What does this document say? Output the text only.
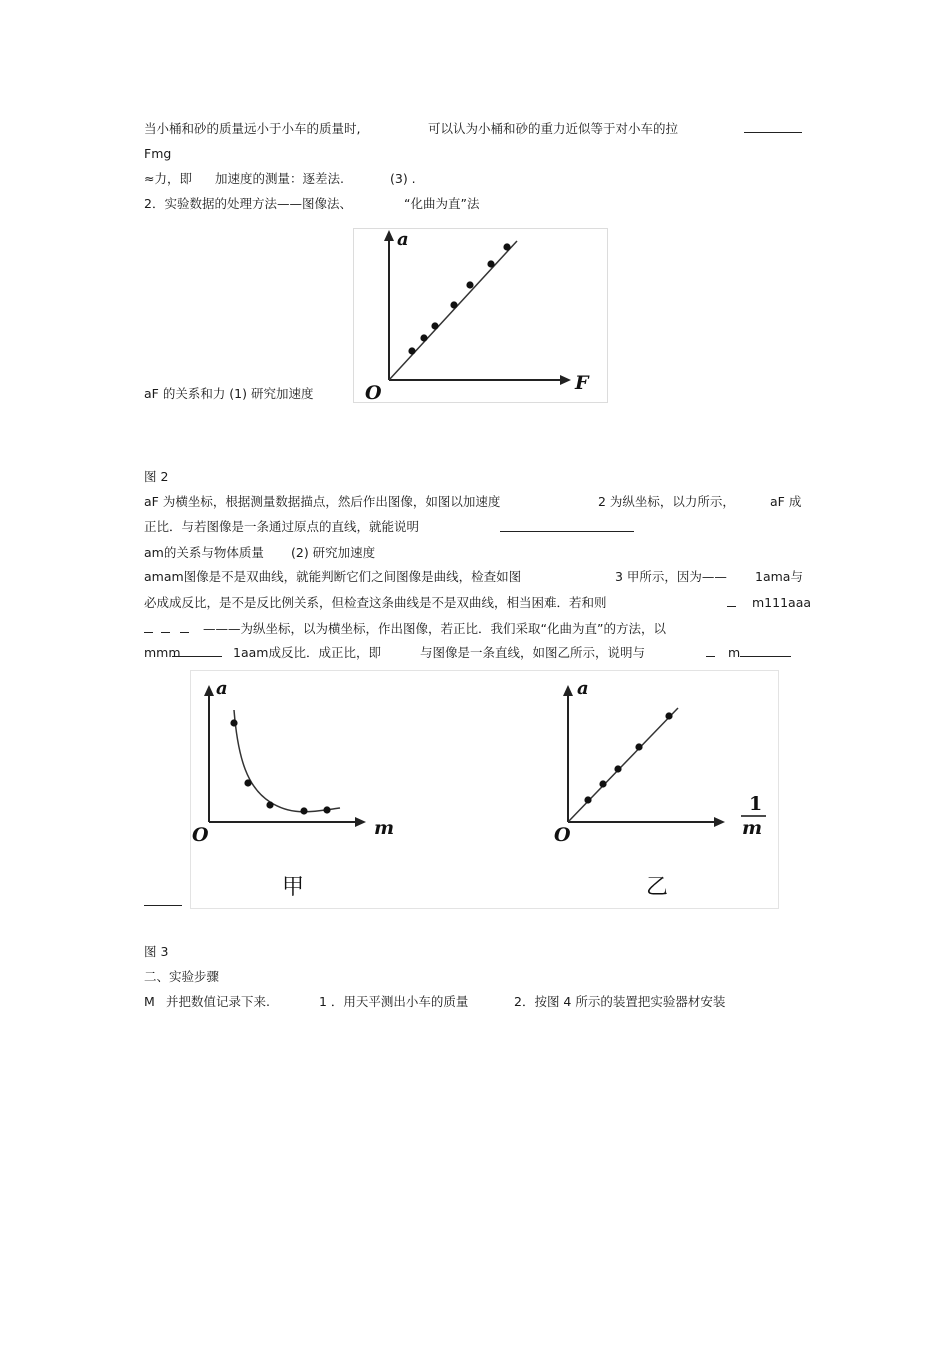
当小桶和砂的质量远小于小车的质量时,	可以认为小桶和砂的重力近似等于对小车的拉
Fmg
≈力，即 加速度的测量：逐差法.	(3) .
2．实验数据的处理方法——图像法、	“化曲为直”法
a
F
O
aF 的关系和力 (1) 研究加速度
图 2
aF 为横坐标，根据测量数据描点，然后作出图像，如图以加速度	2 为纵坐标，以力所示，	aF 成
正比．与若图像是一条通过原点的直线，就能说明
am的关系与物体质量 (2) 研究加速度
amam图像是不是双曲线，就能判断它们之间图像是曲线，检查如图	3 甲所示，因为—— 1ama与
必成成反比，是不是反比例关系，但检查这条曲线是不是双曲线，相当困难．若和则	m111aaa
———为纵坐标，以为横坐标，作出图像，若正比．我们采取“化曲为直”的方法，以
mmm	1aam成反比．成正比，即	与图像是一条直线，如图乙所示，说明与	m
a
m
O
甲
a
1
m
O
乙
图 3
二、实验步骤
M 并把数值记录下来.	1 ．用天平测出小车的质量	2．按图 4 所示的装置把实验器材安装
